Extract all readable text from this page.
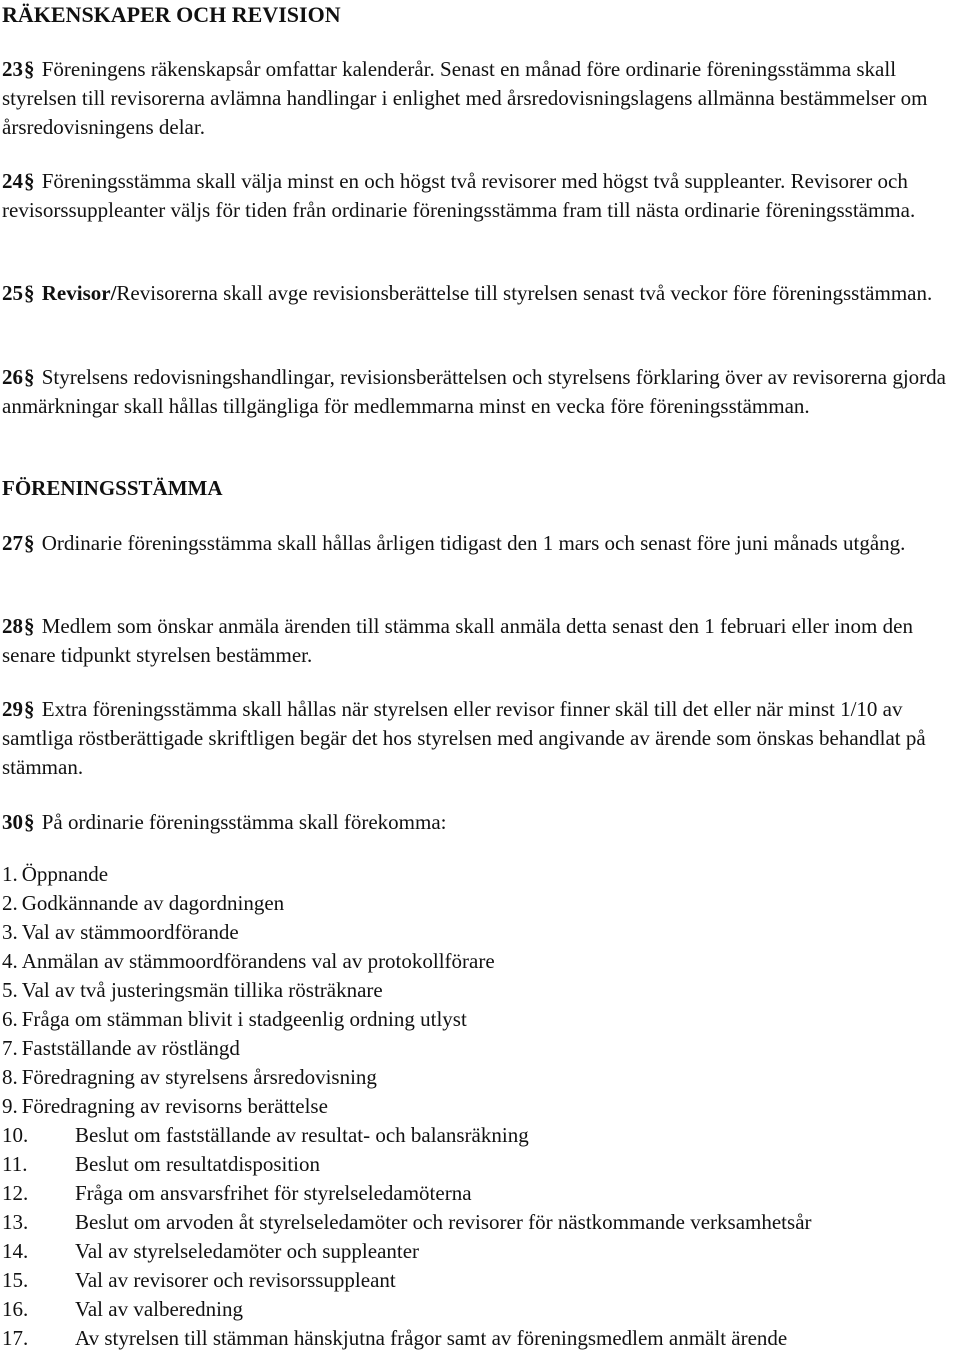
RÄKENSKAPER OCH REVISION

23§ Föreningens räkenskapsår omfattar kalenderår. Senast en månad före ordinarie föreningsstämma skall styrelsen till revisorerna avlämna handlingar i enlighet med årsredovisningslagens allmänna bestämmelser om årsredovisningens delar.

24§ Föreningsstämma skall välja minst en och högst två revisorer med högst två suppleanter. Revisorer och revisorssuppleanter väljs för tiden från ordinarie föreningsstämma fram till nästa ordinarie föreningsstämma.

25§ Revisor/Revisorerna skall avge revisionsberättelse till styrelsen senast två veckor före föreningsstämman.

26§ Styrelsens redovisningshandlingar, revisionsberättelsen och styrelsens förklaring över av revisorerna gjorda anmärkningar skall hållas tillgängliga för medlemmarna minst en vecka före föreningsstämman.

FÖRENINGSSTÄMMA

27§ Ordinarie föreningsstämma skall hållas årligen tidigast den 1 mars och senast före juni månads utgång.

28§ Medlem som önskar anmäla ärenden till stämma skall anmäla detta senast den 1 februari eller inom den senare tidpunkt styrelsen bestämmer.

29§ Extra föreningsstämma skall hållas när styrelsen eller revisor finner skäl till det eller när minst 1/10 av samtliga röstberättigade skriftligen begär det hos styrelsen med angivande av ärende som önskas behandlat på stämman.

30§ På ordinarie föreningsstämma skall förekomma:

1.Öppnande
2.Godkännande av dagordningen
3.Val av stämmoordförande
4.Anmälan av stämmoordförandens val av protokollförare
5.Val av två justeringsmän tillika rösträknare
6.Fråga om stämman blivit i stadgeenlig ordning utlyst
7.Fastställande av röstlängd
8.Föredragning av styrelsens årsredovisning
9.Föredragning av revisorns berättelse
10. Beslut om fastställande av resultat- och balansräkning
11. Beslut om resultatdisposition
12. Fråga om ansvarsfrihet för styrelseledamöterna
13. Beslut om arvoden åt styrelseledamöter och revisorer för nästkommande verksamhetsår
14. Val av styrelseledamöter och suppleanter
15. Val av revisorer och revisorssuppleant
16. Val av valberedning
17. Av styrelsen till stämman hänskjutna frågor samt av föreningsmedlem anmält ärende
